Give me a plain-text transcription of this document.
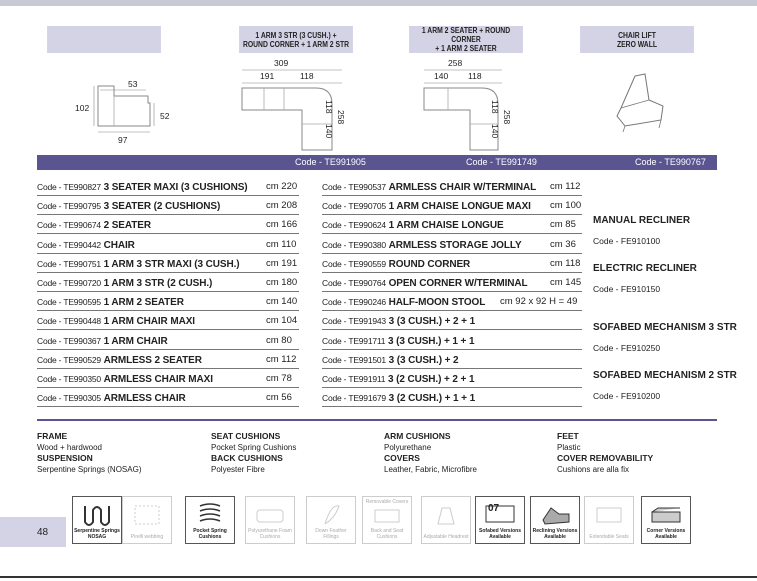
1 ARM 3 STR (3 CUSH.) +
ROUND CORNER + 1 ARM 2 STR
1 ARM 2 SEATER + ROUND CORNER
+ 1 ARM 2 SEATER
CHAIR LIFT
ZERO WALL
53
102
52
97
309
191	118
118
140
258
258
140 118
118
140
258
Code - TE991905	Code - TE991749	Code - TE990767
Code - TE990827 3 SEATER MAXI (3 CUSHIONS) cm 220
Code - TE990795 3 SEATER (2 CUSHIONS)	cm 208
Code - TE990674 2 SEATER	cm 166
Code - TE990442 CHAIR	cm 110
Code - TE990751 1 ARM 3 STR MAXI (3 CUSH.)	cm 191
Code - TE990720 1 ARM 3 STR (2 CUSH.)	cm 180
Code - TE990595 1 ARM 2 SEATER	cm 140
Code - TE990448 1 ARM CHAIR MAXI	cm 104
Code - TE990367 1 ARM CHAIR	cm 80
Code - TE990529 ARMLESS 2 SEATER	cm 112
Code - TE990350 ARMLESS CHAIR MAXI	cm 78
Code - TE990305 ARMLESS CHAIR	cm 56
Code - TE990537 ARMLESS CHAIR W/TERMINAL cm 112
Code - TE990705 1 ARM CHAISE LONGUE MAXI cm 100
Code - TE990624 1 ARM CHAISE LONGUE	cm 85
Code - TE990380 ARMLESS STORAGE JOLLY	cm 36
Code - TE990559 ROUND CORNER	cm 118
Code - TE990764 OPEN CORNER W/TERMINAL cm 145
Code - TE990246 HALF-MOON STOOL cm 92 x 92 H = 49
Code - TE991943 3 (3 CUSH.) + 2 + 1
Code - TE991711 3 (3 CUSH.) + 1 + 1
Code - TE991501 3 (3 CUSH.) + 2
Code - TE991911 3 (2 CUSH.) + 2 + 1
Code - TE991679 3 (2 CUSH.) + 1 + 1
MANUAL RECLINER
Code - FE910100
ELECTRIC RECLINER
Code - FE910150
SOFABED MECHANISM 3 STR
Code - FE910250
SOFABED MECHANISM 2 STR
Code - FE910200
FRAME
Wood + hardwood
SUSPENSION
Serpentine Springs (NOSAG)
SEAT CUSHIONS
Pocket Spring Cushions
BACK CUSHIONS
Polyester Fibre
ARM CUSHIONS
Polyurethane
COVERS
Leather, Fabric, Microfibre
FEET
Plastic
COVER REMOVABILITY
Cushions are alla fix
48	Serpentine Springs NOSAG	Pirelli webbing
Pocket Spring Cushions
Polyurethane Foam Cushions
Down Feather Fillings
Removable Covers
Back and Seat Cushions	Adjustable Headrest
07
Sofabed Versions Available
Reclining Versions Available	Extendable Seats
Corner Versions Available
